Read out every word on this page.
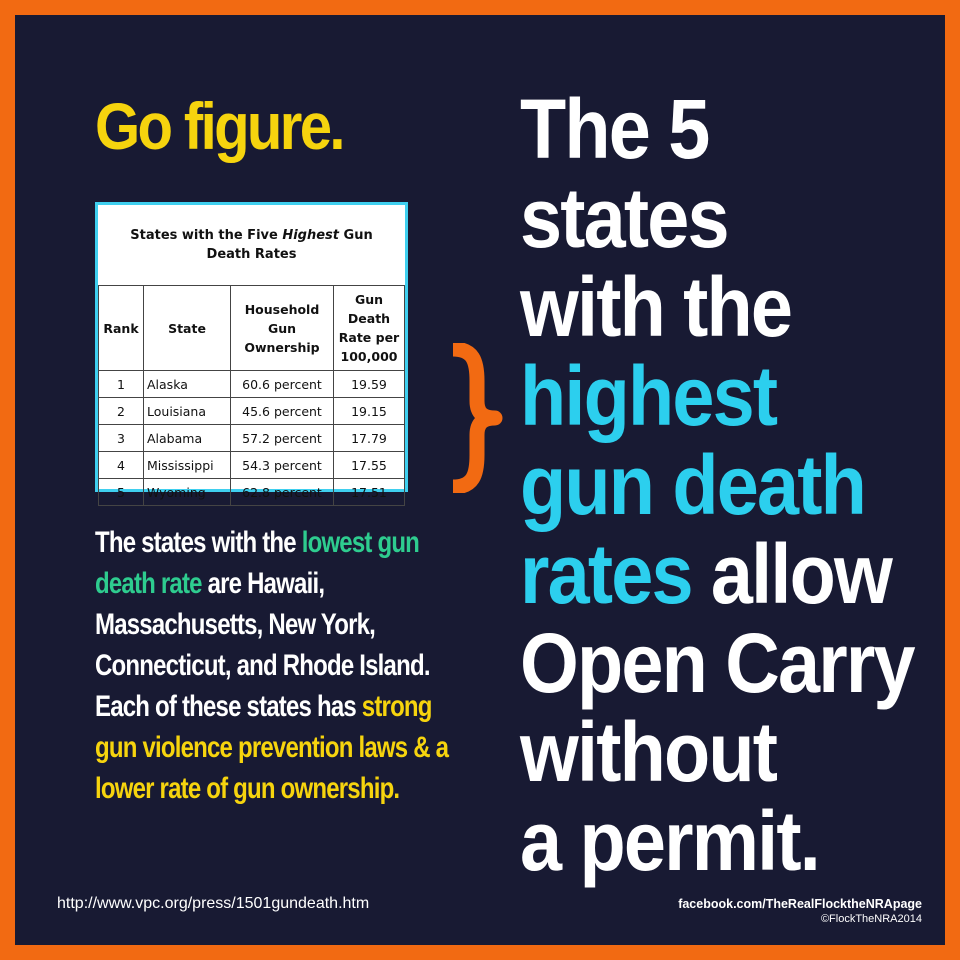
Go figure.
States with the Five Highest Gun Death Rates			
Rank	State	Household Gun Ownership	Gun Death Rate per 100,000
1	Alaska	60.6 percent	19.59
2	Louisiana	45.6 percent	19.15
3	Alabama	57.2 percent	17.79
4	Mississippi	54.3 percent	17.55
5	Wyoming	62.8 percent	17.51
The 5
states
with the
highest
gun death
rates allow
Open Carry
without
a permit.

The states with the lowest gun death rate are Hawaii, Massachusetts, New York, Connecticut, and Rhode Island. Each of these states has strong gun violence prevention laws & a lower rate of gun ownership.

http://www.vpc.org/press/1501gundeath.htm	facebook.com/TheRealFlocktheNRApage
©FlockTheNRA2014
